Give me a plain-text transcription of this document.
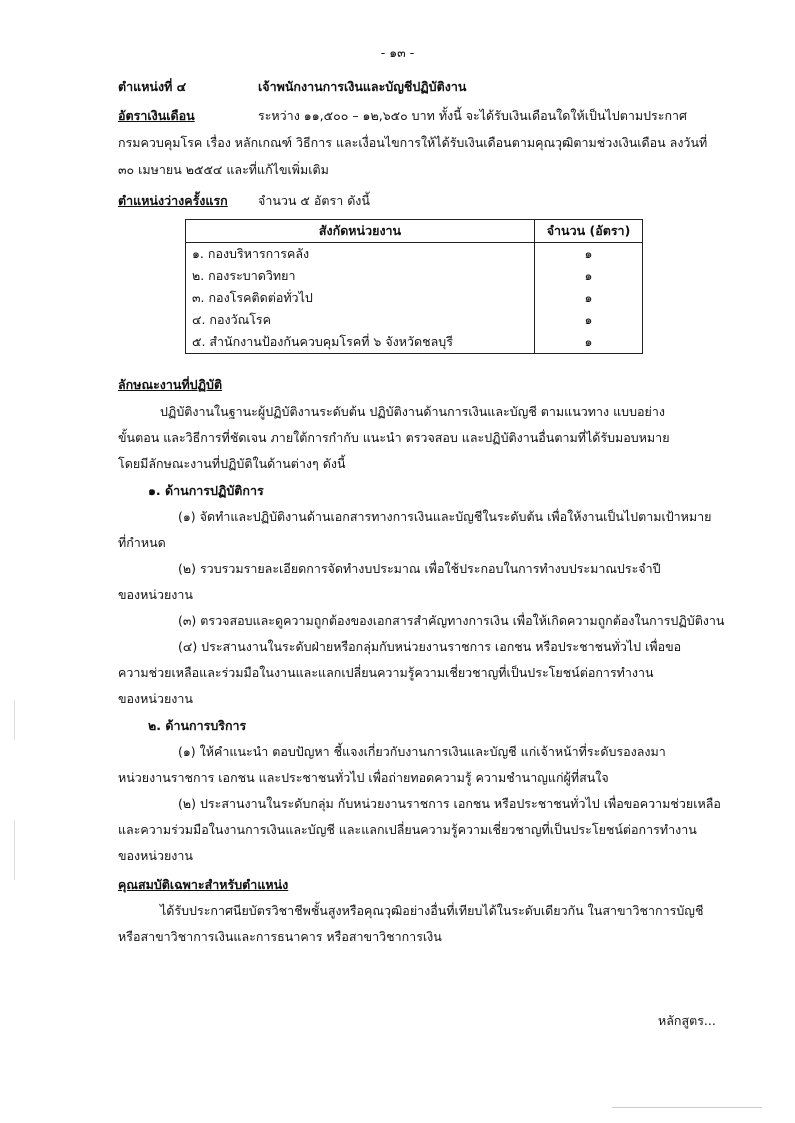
- ๑๓ -
ตำแหน่งที่ ๔	เจ้าพนักงานการเงินและบัญชีปฏิบัติงาน
อัตราเงินเดือน	ระหว่าง ๑๑,๕๐๐ – ๑๒,๖๕๐ บาท ทั้งนี้ จะได้รับเงินเดือนใดให้เป็นไปตามประกาศ
กรมควบคุมโรค เรื่อง หลักเกณฑ์ วิธีการ และเงื่อนไขการให้ได้รับเงินเดือนตามคุณวุฒิตามช่วงเงินเดือน ลงวันที่
๓๐ เมษายน ๒๕๕๔ และที่แก้ไขเพิ่มเติม
ตำแหน่งว่างครั้งแรก จำนวน ๕ อัตรา ดังนี้
สังกัดหน่วยงาน	จำนวน (อัตรา)
๑. กองบริหารการคลัง	๑
๒. กองระบาดวิทยา	๑
๓. กองโรคติดต่อทั่วไป	๑
๔. กองวัณโรค	๑
๕. สำนักงานป้องกันควบคุมโรคที่ ๖ จังหวัดชลบุรี	๑
ลักษณะงานที่ปฏิบัติ
ปฏิบัติงานในฐานะผู้ปฏิบัติงานระดับต้น ปฏิบัติงานด้านการเงินและบัญชี ตามแนวทาง แบบอย่าง
ขั้นตอน และวิธีการที่ชัดเจน ภายใต้การกำกับ แนะนำ ตรวจสอบ และปฏิบัติงานอื่นตามที่ได้รับมอบหมาย
โดยมีลักษณะงานที่ปฏิบัติในด้านต่างๆ ดังนี้
๑. ด้านการปฏิบัติการ
(๑) จัดทำและปฏิบัติงานด้านเอกสารทางการเงินและบัญชีในระดับต้น เพื่อให้งานเป็นไปตามเป้าหมาย
ที่กำหนด
(๒) รวบรวมรายละเอียดการจัดทำงบประมาณ เพื่อใช้ประกอบในการทำงบประมาณประจำปี
ของหน่วยงาน
(๓) ตรวจสอบและดูความถูกต้องของเอกสารสำคัญทางการเงิน เพื่อให้เกิดความถูกต้องในการปฏิบัติงาน
(๔) ประสานงานในระดับฝ่ายหรือกลุ่มกับหน่วยงานราชการ เอกชน หรือประชาชนทั่วไป เพื่อขอ
ความช่วยเหลือและร่วมมือในงานและแลกเปลี่ยนความรู้ความเชี่ยวชาญที่เป็นประโยชน์ต่อการทำงาน
ของหน่วยงาน
๒. ด้านการบริการ
(๑) ให้คำแนะนำ ตอบปัญหา ชี้แจงเกี่ยวกับงานการเงินและบัญชี แก่เจ้าหน้าที่ระดับรองลงมา
หน่วยงานราชการ เอกชน และประชาชนทั่วไป เพื่อถ่ายทอดความรู้ ความชำนาญแก่ผู้ที่สนใจ
(๒) ประสานงานในระดับกลุ่ม กับหน่วยงานราชการ เอกชน หรือประชาชนทั่วไป เพื่อขอความช่วยเหลือ
และความร่วมมือในงานการเงินและบัญชี และแลกเปลี่ยนความรู้ความเชี่ยวชาญที่เป็นประโยชน์ต่อการทำงาน
ของหน่วยงาน
คุณสมบัติเฉพาะสำหรับตำแหน่ง
ได้รับประกาศนียบัตรวิชาชีพชั้นสูงหรือคุณวุฒิอย่างอื่นที่เทียบได้ในระดับเดียวกัน ในสาขาวิชาการบัญชี
หรือสาขาวิชาการเงินและการธนาคาร หรือสาขาวิชาการเงิน
หลักสูตร...
